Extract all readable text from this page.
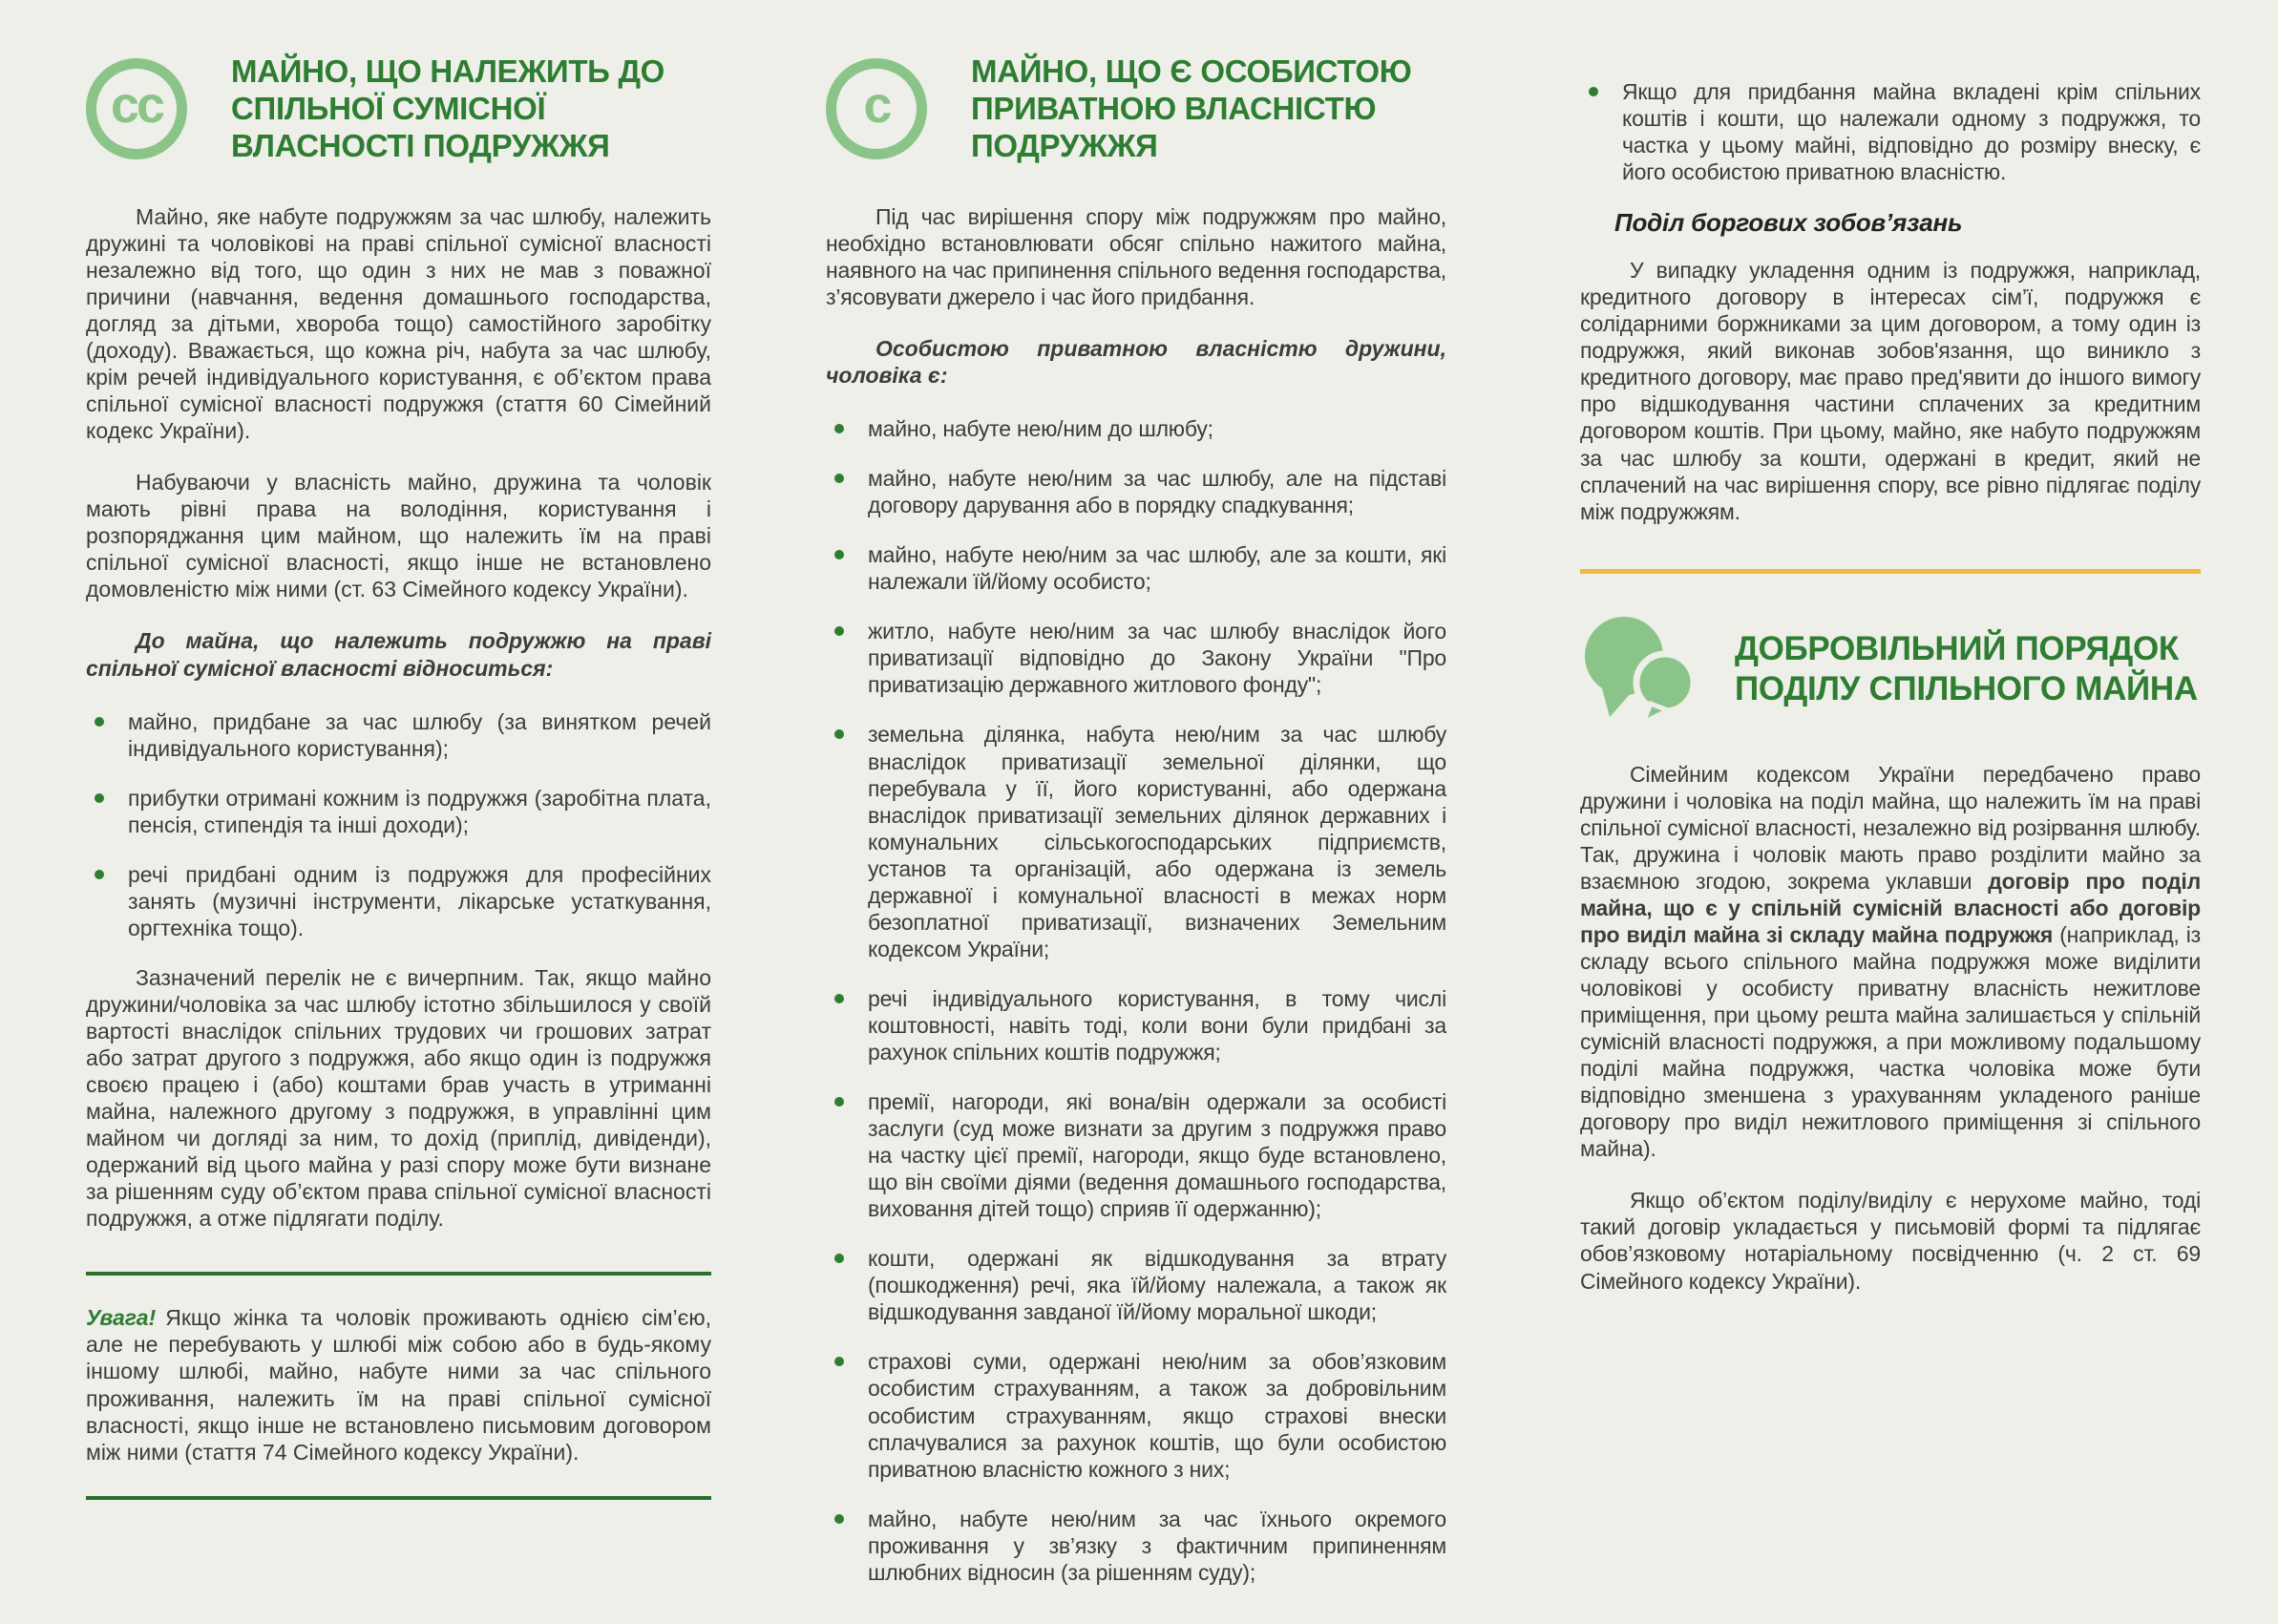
cc
МАЙНО, ЩО НАЛЕЖИТЬ ДО СПІЛЬНОЇ СУМІСНОЇ ВЛАСНОСТІ ПОДРУЖЖЯ

Майно, яке набуте подружжям за час шлюбу, належить дружині та чоловікові на праві спільної сумісної власності незалежно від того, що один з них не мав з поважної причини (навчання, ведення домашнього господарства, догляд за дітьми, хвороба тощо) самостійного заробітку (доходу). Вважається, що кожна річ, набута за час шлюбу, крім речей індивідуального користування, є об’єктом права спільної сумісної власності подружжя (стаття 60 Сімейний кодекс України).

Набуваючи у власність майно, дружина та чоловік мають рівні права на володіння, користування і розпоряджання цим майном, що належить їм на праві спільної сумісної власності, якщо інше не встановлено домовленістю між ними (ст. 63 Сімейного кодексу України).

До майна, що належить подружжю на праві спільної сумісної власності відноситься:

майно, придбане за час шлюбу (за винятком речей індивідуального користування);
прибутки отримані кожним із подружжя (заробітна плата, пенсія, стипендія та інші доходи);
речі придбані одним із подружжя для професійних занять (музичні інструменти, лікарське устаткування, оргтехніка тощо).

Зазначений перелік не є вичерпним. Так, якщо майно дружини/чоловіка за час шлюбу істотно збільшилося у своїй вартості внаслідок спільних трудових чи грошових затрат або затрат другого з подружжя, або якщо один із подружжя своєю працею і (або) коштами брав участь в утриманні майна, належного другому з подружжя, в управлінні цим майном чи догляді за ним, то дохід (приплід, дивіденди), одержаний від цього майна у разі спору може бути визнане за рішенням суду об’єктом права спільної сумісної власності подружжя, а отже підлягати поділу.

Увага! Якщо жінка та чоловік проживають однією сім’єю, але не перебувають у шлюбі між собою або в будь-якому іншому шлюбі, майно, набуте ними за час спільного проживання, належить їм на праві спільної сумісної власності, якщо інше не встановлено письмовим договором між ними (стаття 74 Сімейного кодексу України).

c
МАЙНО, ЩО Є ОСОБИСТОЮ ПРИВАТНОЮ ВЛАСНІСТЮ ПОДРУЖЖЯ

Під час вирішення спору між подружжям про майно, необхідно встановлювати обсяг спільно нажитого майна, наявного на час припинення спільного ведення господарства, з’ясовувати джерело і час його придбання.

Особистою приватною власністю дружини, чоловіка є:

майно, набуте нею/ним до шлюбу;
майно, набуте нею/ним за час шлюбу, але на підставі договору дарування або в порядку спадкування;
майно, набуте нею/ним за час шлюбу, але за кошти, які належали їй/йому особисто;
житло, набуте нею/ним за час шлюбу внаслідок його приватизації відповідно до Закону України "Про приватизацію державного житлового фонду";
земельна ділянка, набута нею/ним за час шлюбу внаслідок приватизації земельної ділянки, що перебувала у її, його користуванні, або одержана внаслідок приватизації земельних ділянок державних і комунальних сільськогосподарських підприємств, установ та організацій, або одержана із земель державної і комунальної власності в межах норм безоплатної приватизації, визначених Земельним кодексом України;
речі індивідуального користування, в тому числі коштовності, навіть тоді, коли вони були придбані за рахунок спільних коштів подружжя;
премії, нагороди, які вона/він одержали за особисті заслуги (суд може визнати за другим з подружжя право на частку цієї премії, нагороди, якщо буде встановлено, що він своїми діями (ведення домашнього господарства, виховання дітей тощо) сприяв її одержанню);
кошти, одержані як відшкодування за втрату (пошкодження) речі, яка їй/йому належала, а також як відшкодування завданої їй/йому моральної шкоди;
страхові суми, одержані нею/ним за обов’язковим особистим страхуванням, а також за добровільним особистим страхуванням, якщо страхові внески сплачувалися за рахунок коштів, що були особистою приватною власністю кожного з них;
майно, набуте нею/ним за час їхнього окремого проживання у зв’язку з фактичним припиненням шлюбних відносин (за рішенням суду);
Якщо для придбання майна вкладені крім спільних коштів і кошти, що належали одному з подружжя, то частка у цьому майні, відповідно до розміру внеску, є його особистою приватною власністю.
Поділ боргових зобов’язань

У випадку укладення одним із подружжя, наприклад, кредитного договору в інтересах сім’ї, подружжя є солідарними боржниками за цим договором, а тому один із подружжя, який виконав зобов'язання, що виникло з кредитного договору, має право пред'явити до іншого вимогу про відшкодування частини сплачених за кредитним договором коштів. При цьому, майно, яке набуто подружжям за час шлюбу за кошти, одержані в кредит, який не сплачений на час вирішення спору, все рівно підлягає поділу між подружжям.

ДОБРОВІЛЬНИЙ ПОРЯДОК ПОДІЛУ СПІЛЬНОГО МАЙНА

Сімейним кодексом України передбачено право дружини і чоловіка на поділ майна, що належить їм на праві спільної сумісної власності, незалежно від розірвання шлюбу. Так, дружина і чоловік мають право розділити майно за взаємною згодою, зокрема уклавши договір про поділ майна, що є у спільній сумісній власності або договір про виділ майна зі складу майна подружжя (наприклад, із складу всього спільного майна подружжя може виділити чоловікові у особисту приватну власність нежитлове приміщення, при цьому решта майна залишається у спільній сумісній власності подружжя, а при можливому подальшому поділі майна подружжя, частка чоловіка може бути відповідно зменшена з урахуванням укладеного раніше договору про виділ нежитлового приміщення зі спільного майна).

Якщо об’єктом поділу/виділу є нерухоме майно, тоді такий договір укладається у письмовій формі та підлягає обов’язковому нотаріальному посвідченню (ч. 2 ст. 69 Сімейного кодексу України).
